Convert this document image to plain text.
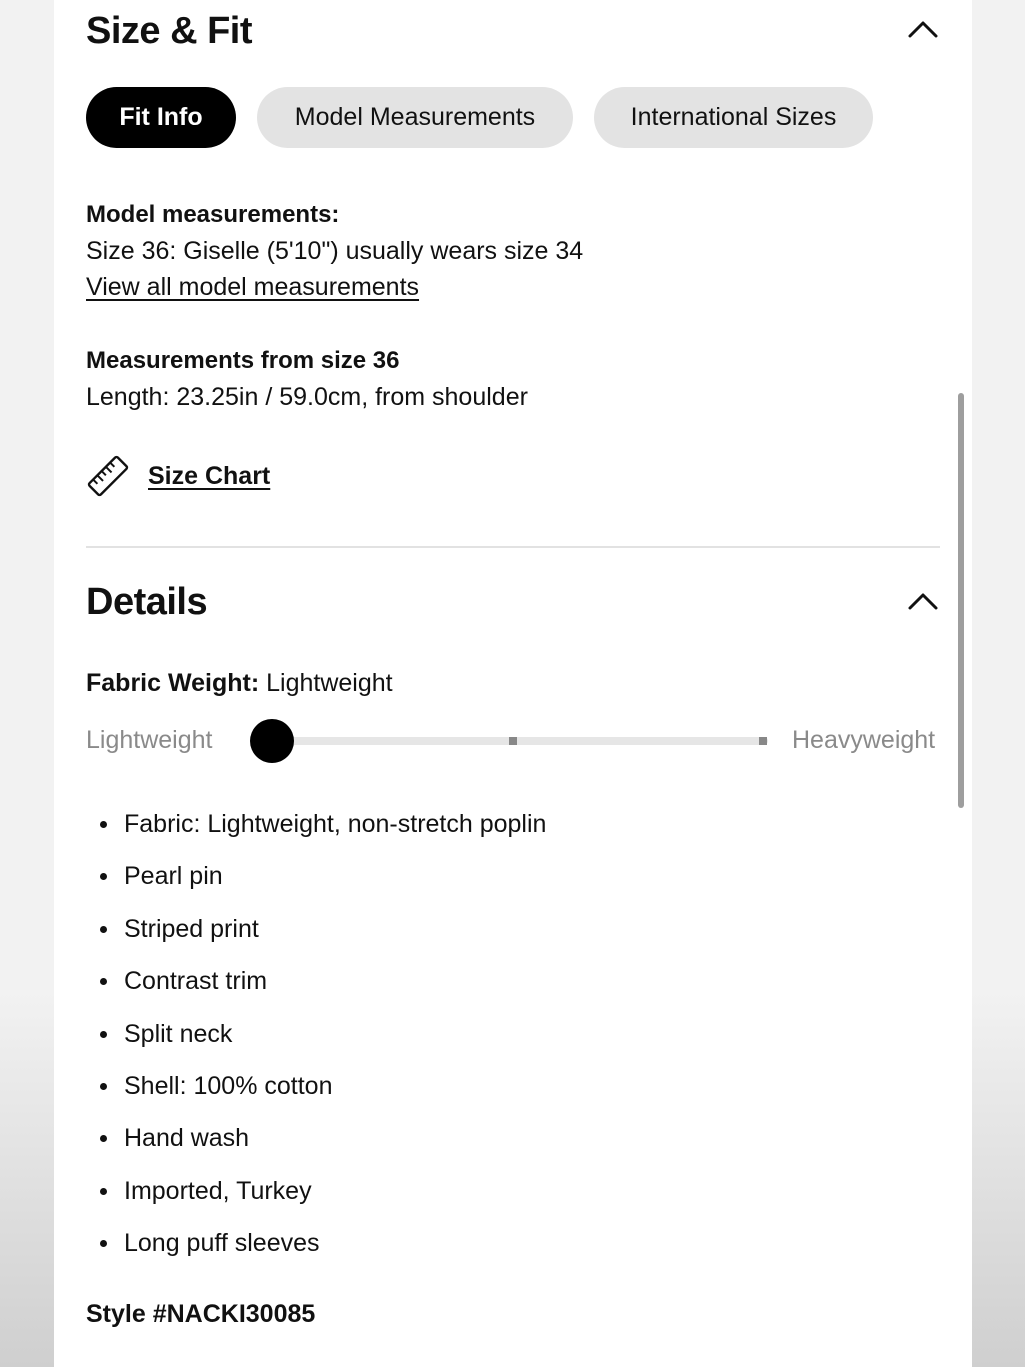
Size & Fit
Fit Info	Model Measurements	International Sizes
Model measurements:
Size 36: Giselle (5'10") usually wears size 34
View all model measurements
Measurements from size 36
Length: 23.25in / 59.0cm, from shoulder
Size Chart
Details
Fabric Weight: Lightweight
Lightweight	Heavyweight
Fabric: Lightweight, non-stretch poplin
Pearl pin
Striped print
Contrast trim
Split neck
Shell: 100% cotton
Hand wash
Imported, Turkey
Long puff sleeves
Style #NACKI30085
